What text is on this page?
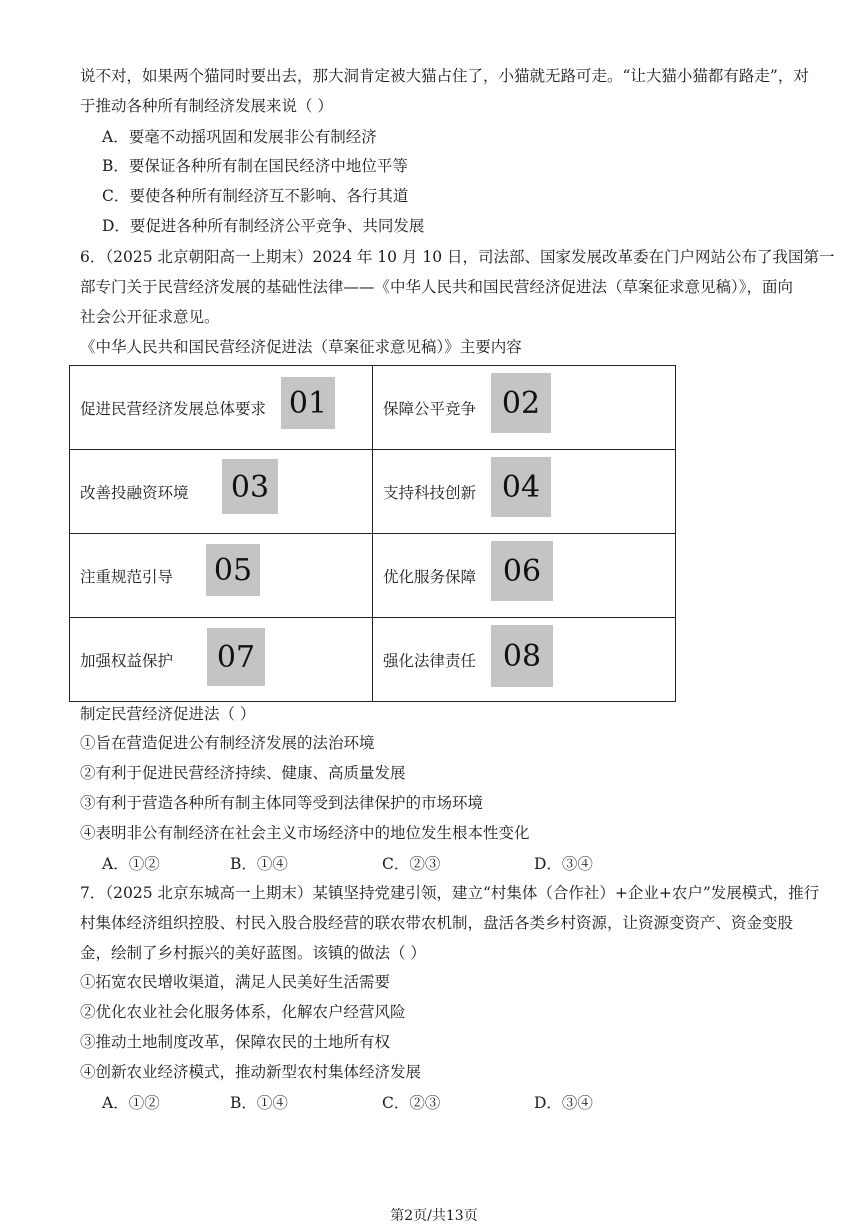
说不对，如果两个猫同时要出去，那大洞肯定被大猫占住了，小猫就无路可走。“让大猫小猫都有路走”，对
于推动各种所有制经济发展来说（ ）
A．要毫不动摇巩固和发展非公有制经济
B．要保证各种所有制在国民经济中地位平等
C．要使各种所有制经济互不影响、各行其道
D．要促进各种所有制经济公平竞争、共同发展
6．（2025 北京朝阳高一上期末）2024 年 10 月 10 日，司法部、国家发展改革委在门户网站公布了我国第一
部专门关于民营经济发展的基础性法律——《中华人民共和国民营经济促进法（草案征求意见稿）》，面向
社会公开征求意见。
《中华人民共和国民营经济促进法（草案征求意见稿）》主要内容
促进民营经济发展总体要求 01	保障公平竞争 02

改善投融资环境 03	支持科技创新 04

注重规范引导 05	优化服务保障 06

加强权益保护 07	强化法律责任 08
制定民营经济促进法（ ）
①旨在营造促进公有制经济发展的法治环境
②有利于促进民营经济持续、健康、高质量发展
③有利于营造各种所有制主体同等受到法律保护的市场环境
④表明非公有制经济在社会主义市场经济中的地位发生根本性变化
A．①②	B．①④	C．②③	D．③④
7．（2025 北京东城高一上期末）某镇坚持党建引领，建立“村集体（合作社）+企业+农户”发展模式，推行
村集体经济组织控股、村民入股合股经营的联农带农机制，盘活各类乡村资源，让资源变资产、资金变股
金，绘制了乡村振兴的美好蓝图。该镇的做法（ ）
①拓宽农民增收渠道，满足人民美好生活需要
②优化农业社会化服务体系，化解农户经营风险
③推动土地制度改革，保障农民的土地所有权
④创新农业经济模式，推动新型农村集体经济发展
A．①②	B．①④	C．②③	D．③④
第2页/共13页
